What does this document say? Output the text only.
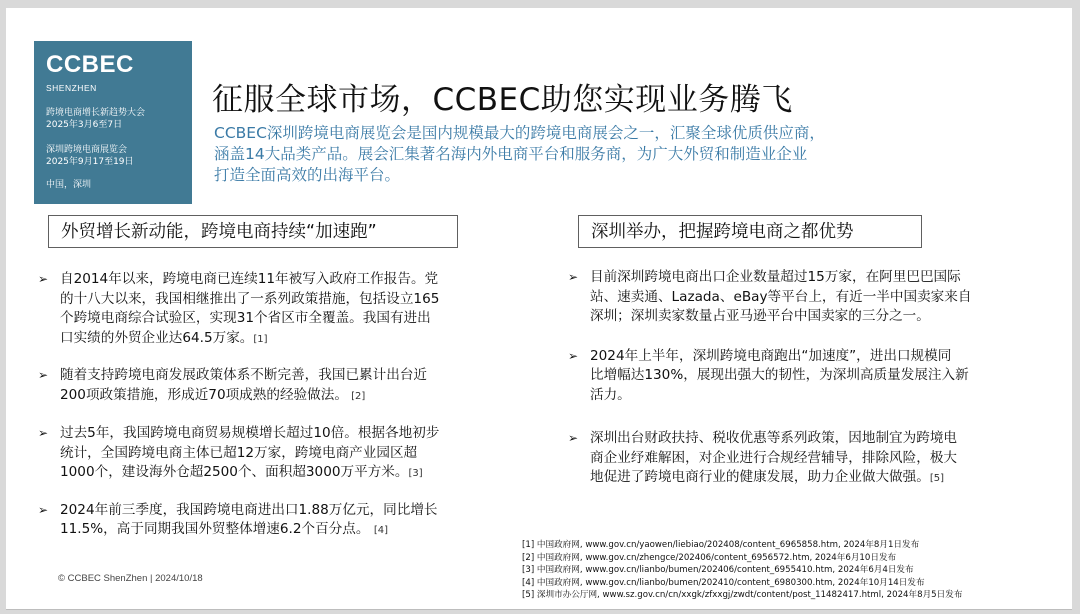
CCBEC
SHENZHEN
跨境电商增长新趋势大会
2025年3月6至7日
深圳跨境电商展览会
2025年9月17至19日
中国，深圳
征服全球市场，CCBEC助您实现业务腾飞
CCBEC深圳跨境电商展览会是国内规模最大的跨境电商展会之一，汇聚全球优质供应商，
涵盖14大品类产品。展会汇集著名海内外电商平台和服务商，为广大外贸和制造业企业
打造全面高效的出海平台。
外贸增长新动能，跨境电商持续“加速跑”	深圳举办，把握跨境电商之都优势
➢ 自2014年以来，跨境电商已连续11年被写入政府工作报告。党
的十八大以来，我国相继推出了一系列政策措施，包括设立165
个跨境电商综合试验区，实现31个省区市全覆盖。我国有进出
口实绩的外贸企业达64.5万家。[1]
➢ 随着支持跨境电商发展政策体系不断完善，我国已累计出台近
200项政策措施，形成近70项成熟的经验做法。 [2]
➢ 过去5年，我国跨境电商贸易规模增长超过10倍。根据各地初步
统计，全国跨境电商主体已超12万家，跨境电商产业园区超
1000个，建设海外仓超2500个、面积超3000万平方米。[3]
➢ 2024年前三季度，我国跨境电商进出口1.88万亿元，同比增长
11.5%，高于同期我国外贸整体增速6.2个百分点。 [4]
➢ 目前深圳跨境电商出口企业数量超过15万家，在阿里巴巴国际
站、速卖通、Lazada、eBay等平台上，有近一半中国卖家来自
深圳；深圳卖家数量占亚马逊平台中国卖家的三分之一。
➢ 2024年上半年，深圳跨境电商跑出“加速度”，进出口规模同
比增幅达130%，展现出强大的韧性，为深圳高质量发展注入新
活力。
➢ 深圳出台财政扶持、税收优惠等系列政策，因地制宜为跨境电
商企业纾难解困，对企业进行合规经营辅导，排除风险，极大
地促进了跨境电商行业的健康发展，助力企业做大做强。[5]
© CCBEC ShenZhen | 2024/10/18
[1] 中国政府网, www.gov.cn/yaowen/liebiao/202408/content_6965858.htm, 2024年8月1日发布
[2] 中国政府网, www.gov.cn/zhengce/202406/content_6956572.htm, 2024年6月10日发布
[3] 中国政府网, www.gov.cn/lianbo/bumen/202406/content_6955410.htm, 2024年6月4日发布
[4] 中国政府网, www.gov.cn/lianbo/bumen/202410/content_6980300.htm, 2024年10月14日发布
[5] 深圳市办公厅网, www.sz.gov.cn/cn/xxgk/zfxxgj/zwdt/content/post_11482417.html, 2024年8月5日发布
